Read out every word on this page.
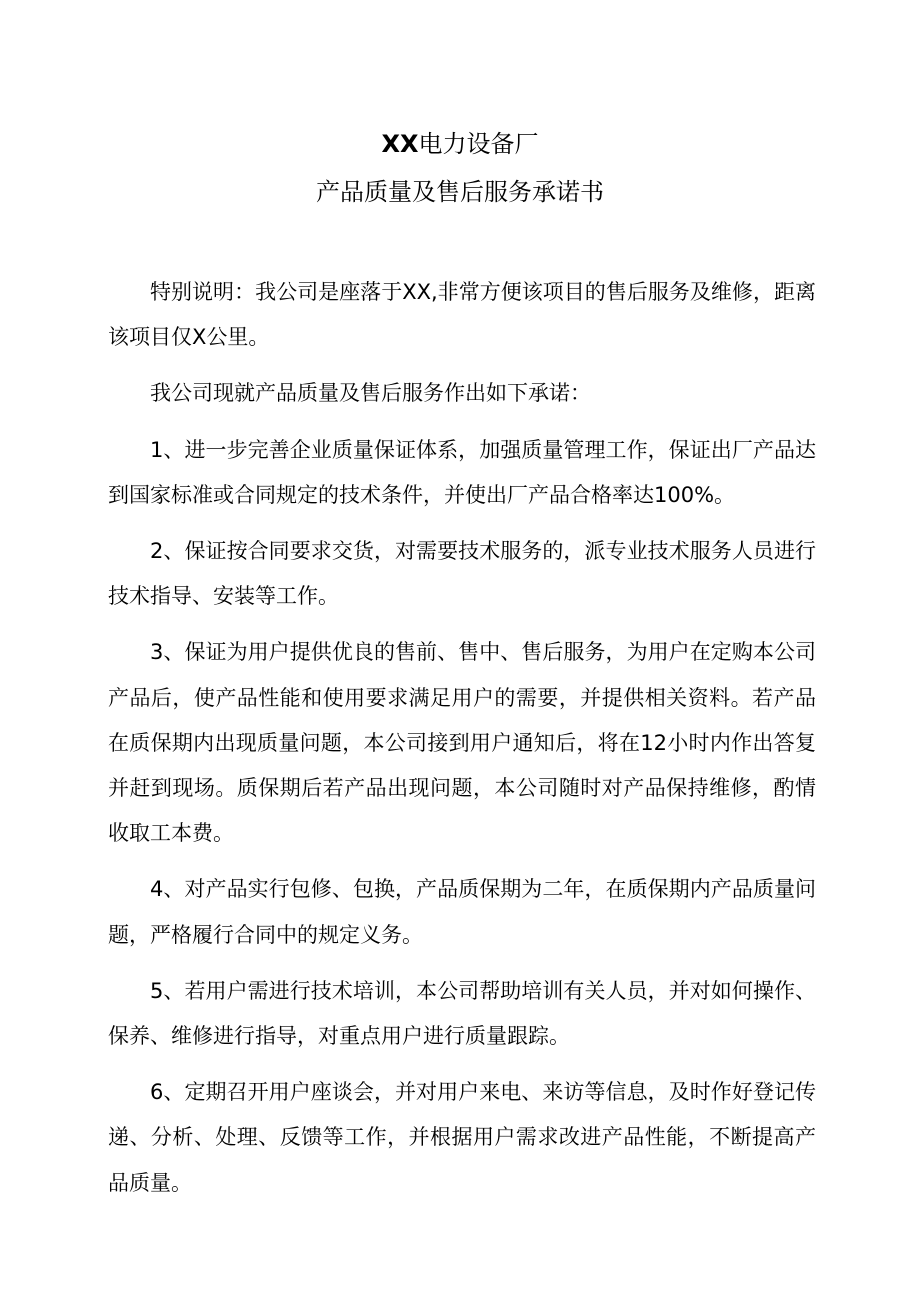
XX电力设备厂
产品质量及售后服务承诺书

特别说明：我公司是座落于XX,非常方便该项目的售后服务及维修，距离该项目仅X公里。

我公司现就产品质量及售后服务作出如下承诺：

1、进一步完善企业质量保证体系，加强质量管理工作，保证出厂产品达到国家标准或合同规定的技术条件，并使出厂产品合格率达100%。

2、保证按合同要求交货，对需要技术服务的，派专业技术服务人员进行技术指导、安装等工作。

3、保证为用户提供优良的售前、售中、售后服务，为用户在定购本公司产品后，使产品性能和使用要求满足用户的需要，并提供相关资料。若产品在质保期内出现质量问题，本公司接到用户通知后，将在12小时内作出答复并赶到现场。质保期后若产品出现问题，本公司随时对产品保持维修，酌情收取工本费。

4、对产品实行包修、包换，产品质保期为二年，在质保期内产品质量问题，严格履行合同中的规定义务。

5、若用户需进行技术培训，本公司帮助培训有关人员，并对如何操作、保养、维修进行指导，对重点用户进行质量跟踪。

6、定期召开用户座谈会，并对用户来电、来访等信息，及时作好登记传递、分析、处理、反馈等工作，并根据用户需求改进产品性能，不断提高产品质量。
